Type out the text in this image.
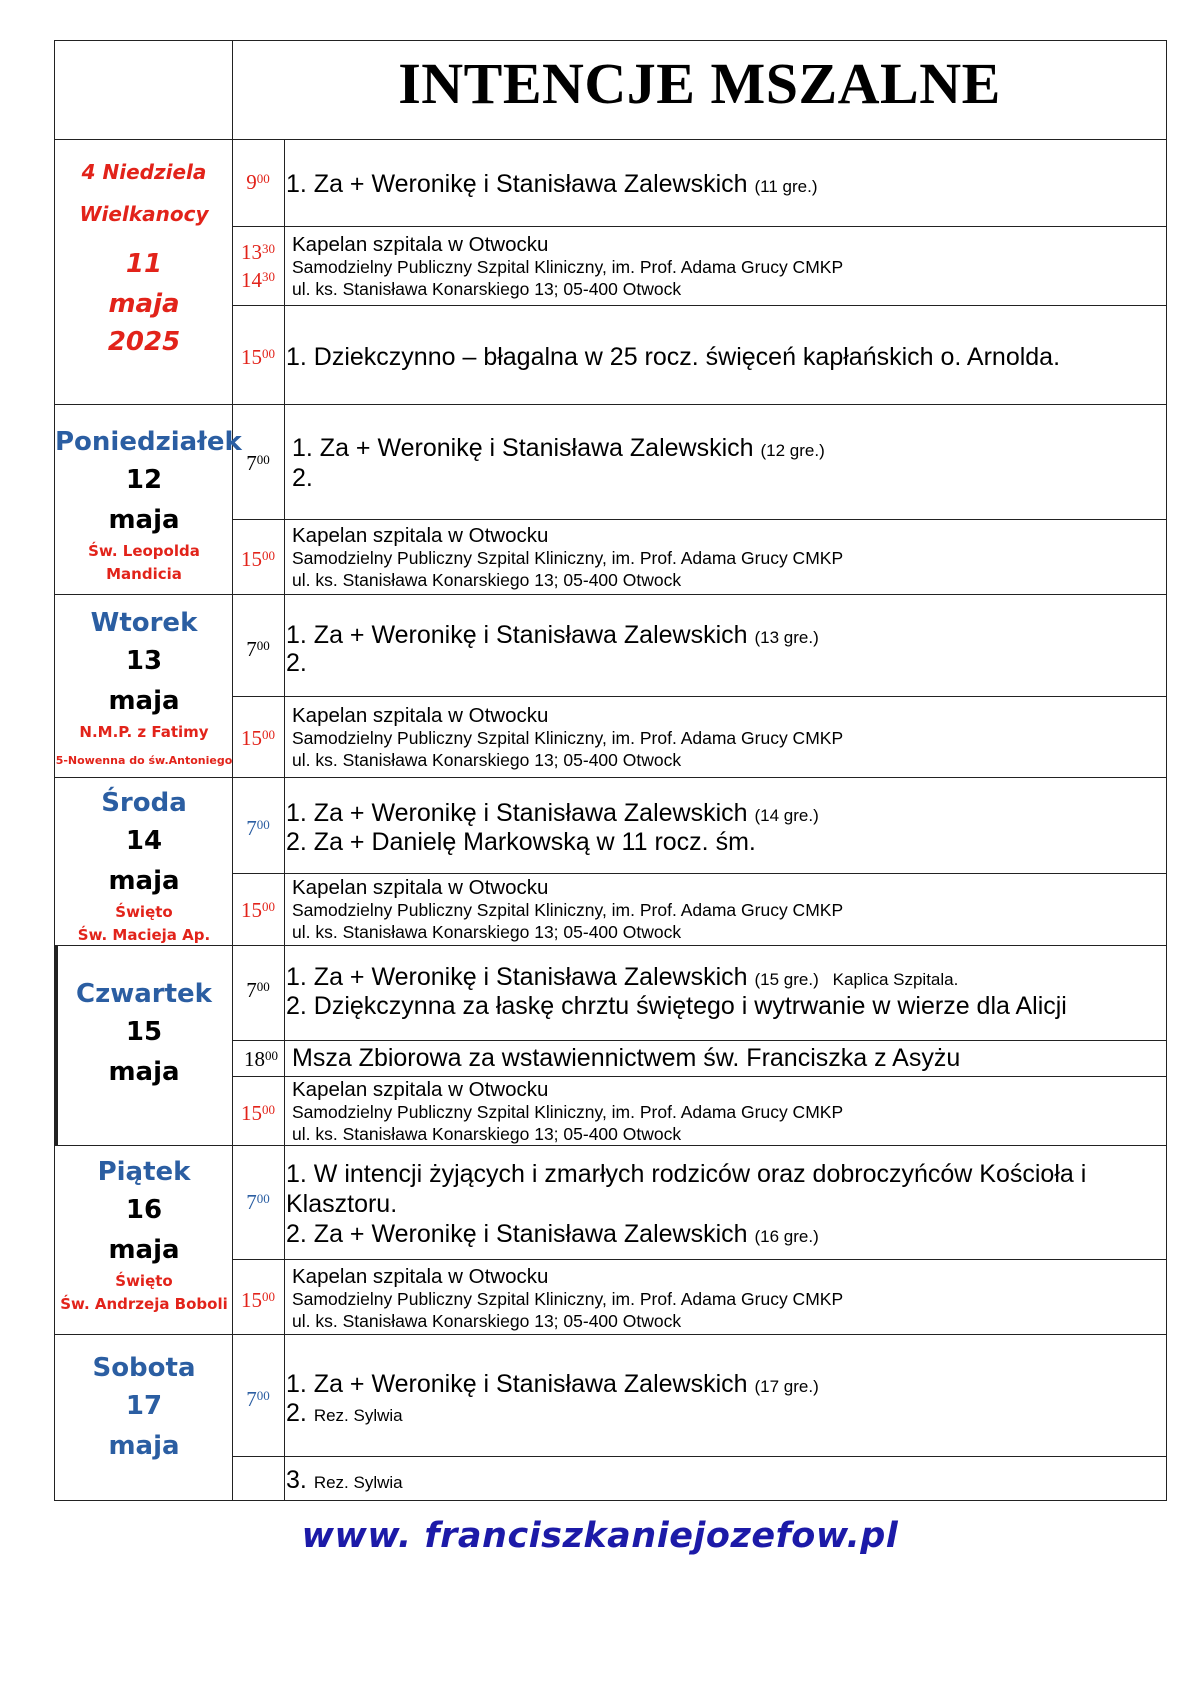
INTENCJE MSZALNE
4 Niedziela
Wielkanocy
11
maja
2025
$9^{00}$ 1. Za + Weronikę i Stanisława Zalewskich (11 gre.)
$13^{30}$
$14^{30}$
Kapelan szpitala w Otwocku
Samodzielny Publiczny Szpital Kliniczny, im. Prof. Adama Grucy CMKP
ul. ks. Stanisława Konarskiego 13; 05-400 Otwock
$15^{00}$ 1. Dziekczynno – błagalna w 25 rocz. święceń kapłańskich o. Arnolda.
Poniedziałek
12
maja
Św. Leopolda
Mandicia
$7^{00}$ 1. Za + Weronikę i Stanisława Zalewskich (12 gre.)
2.
$15^{00}$
Kapelan szpitala w Otwocku
Samodzielny Publiczny Szpital Kliniczny, im. Prof. Adama Grucy CMKP
ul. ks. Stanisława Konarskiego 13; 05-400 Otwock
Wtorek
13
maja
N.M.P. z Fatimy
5-Nowenna do św.Antoniego
$7^{00}$ 1. Za + Weronikę i Stanisława Zalewskich (13 gre.)
2.
$15^{00}$
Kapelan szpitala w Otwocku
Samodzielny Publiczny Szpital Kliniczny, im. Prof. Adama Grucy CMKP
ul. ks. Stanisława Konarskiego 13; 05-400 Otwock
Środa
14
maja
Święto
Św. Macieja Ap.
$7^{00}$ 1. Za + Weronikę i Stanisława Zalewskich (14 gre.)
2. Za + Danielę Markowską w 11 rocz. śm.
$15^{00}$
Kapelan szpitala w Otwocku
Samodzielny Publiczny Szpital Kliniczny, im. Prof. Adama Grucy CMKP
ul. ks. Stanisława Konarskiego 13; 05-400 Otwock
Czwartek
15
maja
$7^{00}$ 1. Za + Weronikę i Stanisława Zalewskich (15 gre.) Kaplica Szpitala.
2. Dziękczynna za łaskę chrztu świętego i wytrwanie w wierze dla Alicji
$18^{00}$ Msza Zbiorowa za wstawiennictwem św. Franciszka z Asyżu
$15^{00}$
Kapelan szpitala w Otwocku
Samodzielny Publiczny Szpital Kliniczny, im. Prof. Adama Grucy CMKP
ul. ks. Stanisława Konarskiego 13; 05-400 Otwock
Piątek
16
maja
Święto
Św. Andrzeja Boboli
$7^{00}$
1. W intencji żyjących i zmarłych rodziców oraz dobroczyńców Kościoła i
Klasztoru.
2. Za + Weronikę i Stanisława Zalewskich (16 gre.)
$15^{00}$
Kapelan szpitala w Otwocku
Samodzielny Publiczny Szpital Kliniczny, im. Prof. Adama Grucy CMKP
ul. ks. Stanisława Konarskiego 13; 05-400 Otwock
Sobota
17
maja
$7^{00}$ 1. Za + Weronikę i Stanisława Zalewskich (17 gre.)
2. Rez. Sylwia
3. Rez. Sylwia
www. franciszkaniejozefow.pl
